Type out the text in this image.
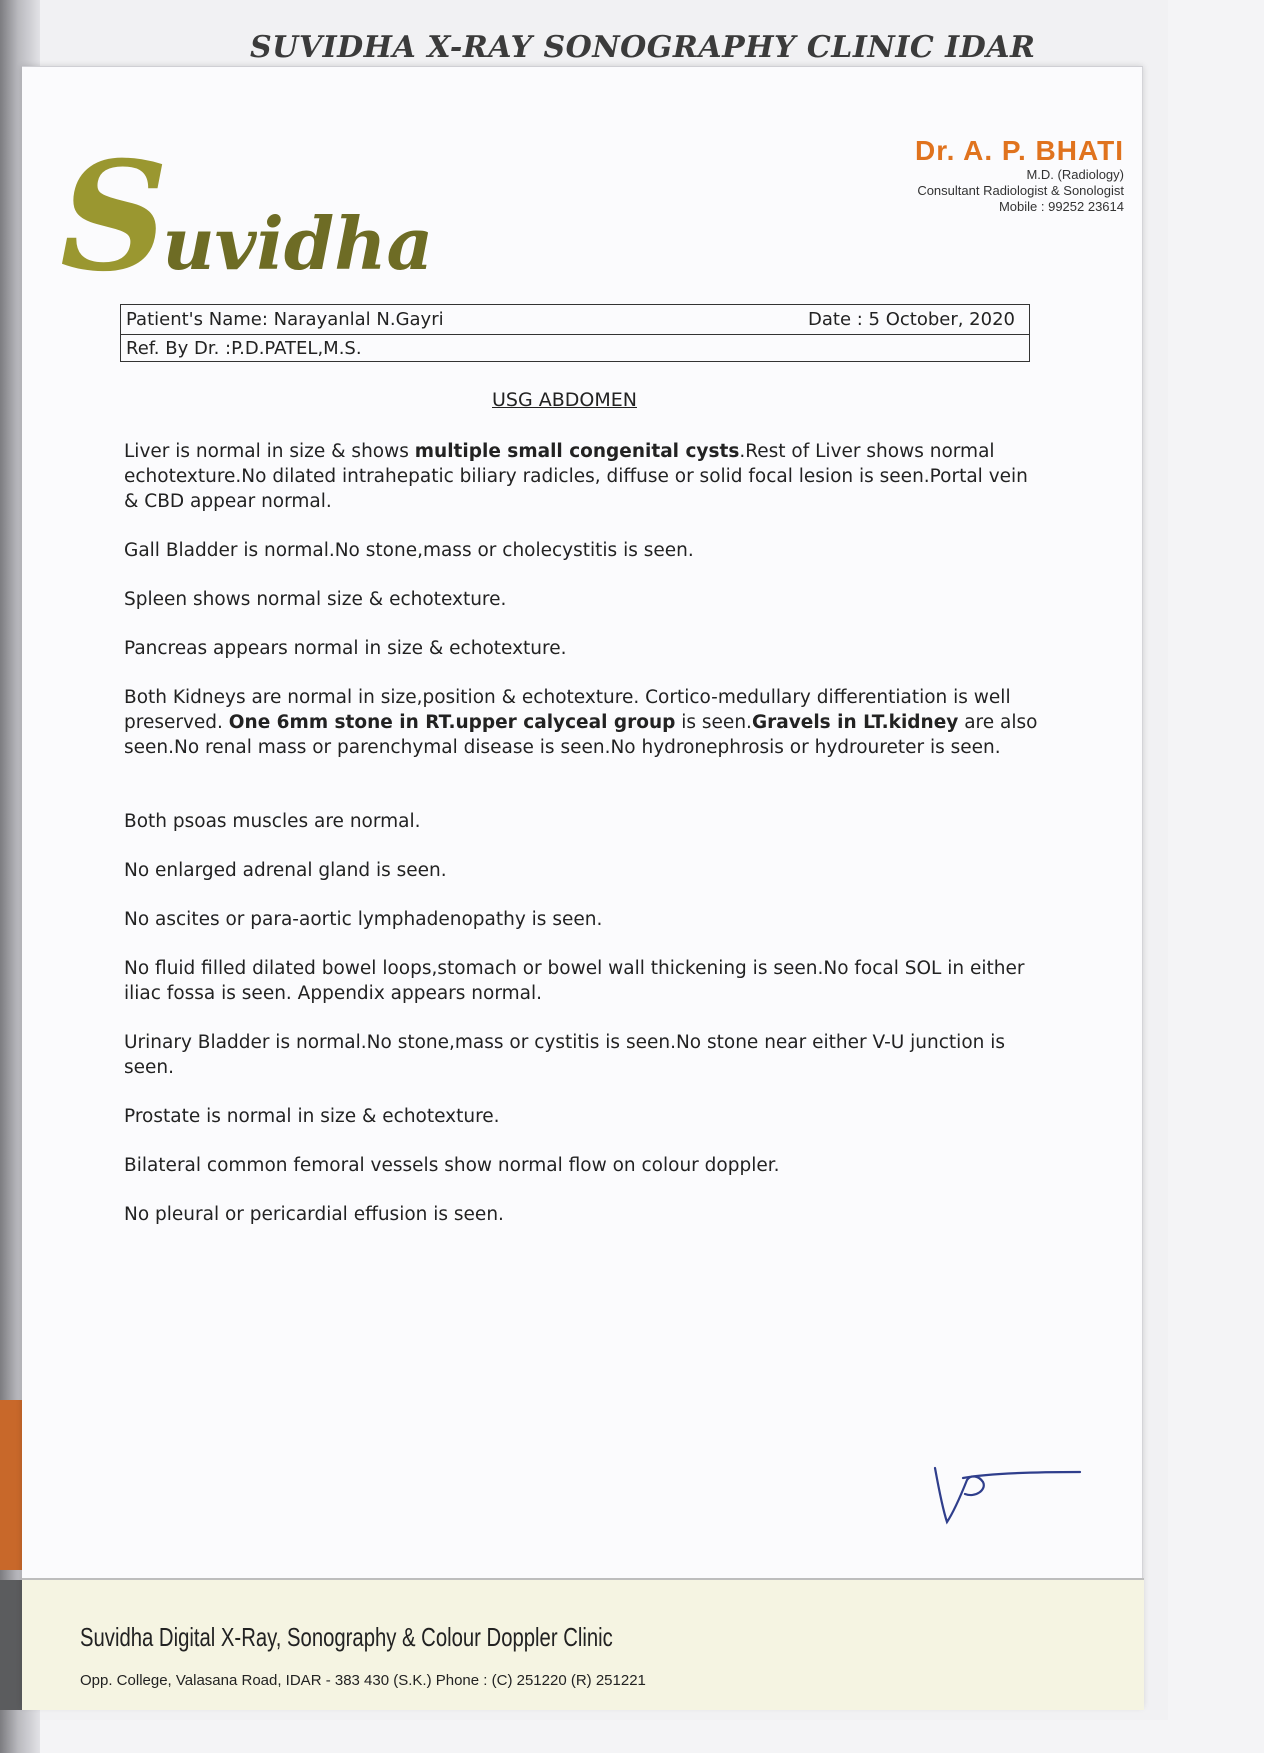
SUVIDHA X-RAY SONOGRAPHY CLINIC IDAR
Suvidha
Dr. A. P. BHATI
M.D. (Radiology)
Consultant Radiologist & Sonologist
Mobile : 99252 23614
Patient's Name: Narayanlal N.Gayri	Date : 5 October, 2020
Ref. By Dr. :P.D.PATEL,M.S.
USG ABDOMEN

Liver is normal in size & shows multiple small congenital cysts.Rest of Liver shows normal echotexture.No dilated intrahepatic biliary radicles, diffuse or solid focal lesion is seen.Portal vein & CBD appear normal.

Gall Bladder is normal.No stone,mass or cholecystitis is seen.

Spleen shows normal size & echotexture.

Pancreas appears normal in size & echotexture.

Both Kidneys are normal in size,position & echotexture. Cortico-medullary differentiation is well preserved. One 6mm stone in RT.upper calyceal group is seen.Gravels in LT.kidney are also seen.No renal mass or parenchymal disease is seen.No hydronephrosis or hydroureter is seen.

Both psoas muscles are normal.

No enlarged adrenal gland is seen.

No ascites or para-aortic lymphadenopathy is seen.

No fluid filled dilated bowel loops,stomach or bowel wall thickening is seen.No focal SOL in either iliac fossa is seen. Appendix appears normal.

Urinary Bladder is normal.No stone,mass or cystitis is seen.No stone near either V-U junction is seen.

Prostate is normal in size & echotexture.

Bilateral common femoral vessels show normal flow on colour doppler.

No pleural or pericardial effusion is seen.

Suvidha Digital X-Ray, Sonography & Colour Doppler Clinic
Opp. College, Valasana Road, IDAR - 383 430 (S.K.) Phone : (C) 251220 (R) 251221
